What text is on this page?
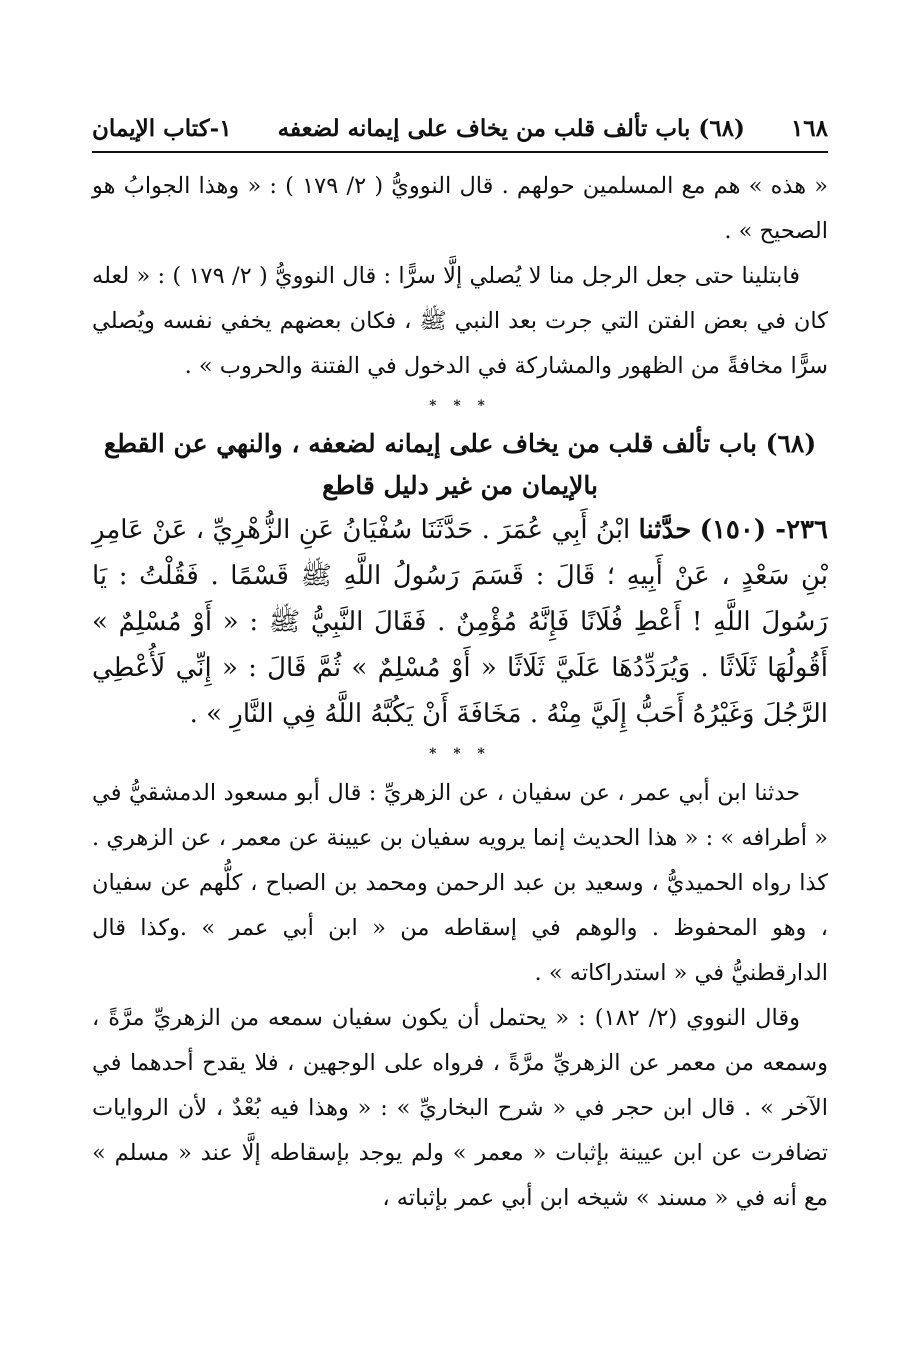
١٦٨
(٦٨) باب تألف قلب من يخاف على إيمانه لضعفه
١-كتاب الإيمان

« هذه » هم مع المسلمين حولهم . قال النوويُّ ( ٢/ ١٧٩ ) : « وهذا الجوابُ هو الصحيح » .

فابتلينا حتى جعل الرجل منا لا يُصلي إلَّا سرًّا : قال النوويُّ ( ٢/ ١٧٩ ) : « لعله كان في بعض الفتن التي جرت بعد النبي ﷺ ، فكان بعضهم يخفي نفسه ويُصلي سرًّا مخافةً من الظهور والمشاركة في الدخول في الفتنة والحروب » .

* * *
(٦٨) باب تألف قلب من يخاف على إيمانه لضعفه ، والنهي عن القطع بالإيمان من غير دليل قاطع

٢٣٦- (١٥٠) حدَّثنا ابْنُ أَبِي عُمَرَ . حَدَّثَنَا سُفْيَانُ عَنِ الزُّهْرِيِّ ، عَنْ عَامِرِ بْنِ سَعْدٍ ، عَنْ أَبِيهِ ؛ قَالَ : قَسَمَ رَسُولُ اللَّهِ ﷺ قَسْمًا . فَقُلْتُ : يَا رَسُولَ اللَّهِ ! أَعْطِ فُلَانًا فَإِنَّهُ مُؤْمِنٌ . فَقَالَ النَّبِيُّ ﷺ : « أَوْ مُسْلِمٌ » أَقُولُهَا ثَلَاثًا . وَيُرَدِّدُهَا عَلَيَّ ثَلَاثًا « أَوْ مُسْلِمٌ » ثُمَّ قَالَ : « إِنِّي لَأُعْطِي الرَّجُلَ وَغَيْرُهُ أَحَبُّ إِلَيَّ مِنْهُ . مَخَافَةَ أَنْ يَكُبَّهُ اللَّهُ فِي النَّارِ » .

* * *

حدثنا ابن أبي عمر ، عن سفيان ، عن الزهريِّ : قال أبو مسعود الدمشقيُّ في « أطرافه » : « هذا الحديث إنما يرويه سفيان بن عيينة عن معمر ، عن الزهري . كذا رواه الحميديُّ ، وسعيد بن عبد الرحمن ومحمد بن الصباح ، كلُّهم عن سفيان ، وهو المحفوظ . والوهم في إسقاطه من « ابن أبي عمر » .وكذا قال الدارقطنيُّ في « استدراكاته » .

وقال النووي (٢/ ١٨٢) : « يحتمل أن يكون سفيان سمعه من الزهريِّ مرَّةً ، وسمعه من معمر عن الزهريِّ مرَّةً ، فرواه على الوجهين ، فلا يقدح أحدهما في الآخر » . قال ابن حجر في « شرح البخاريِّ » : « وهذا فيه بُعْدٌ ، لأن الروايات تضافرت عن ابن عيينة بإثبات « معمر » ولم يوجد بإسقاطه إلَّا عند « مسلم » مع أنه في « مسند » شيخه ابن أبي عمر بإثباته ،
